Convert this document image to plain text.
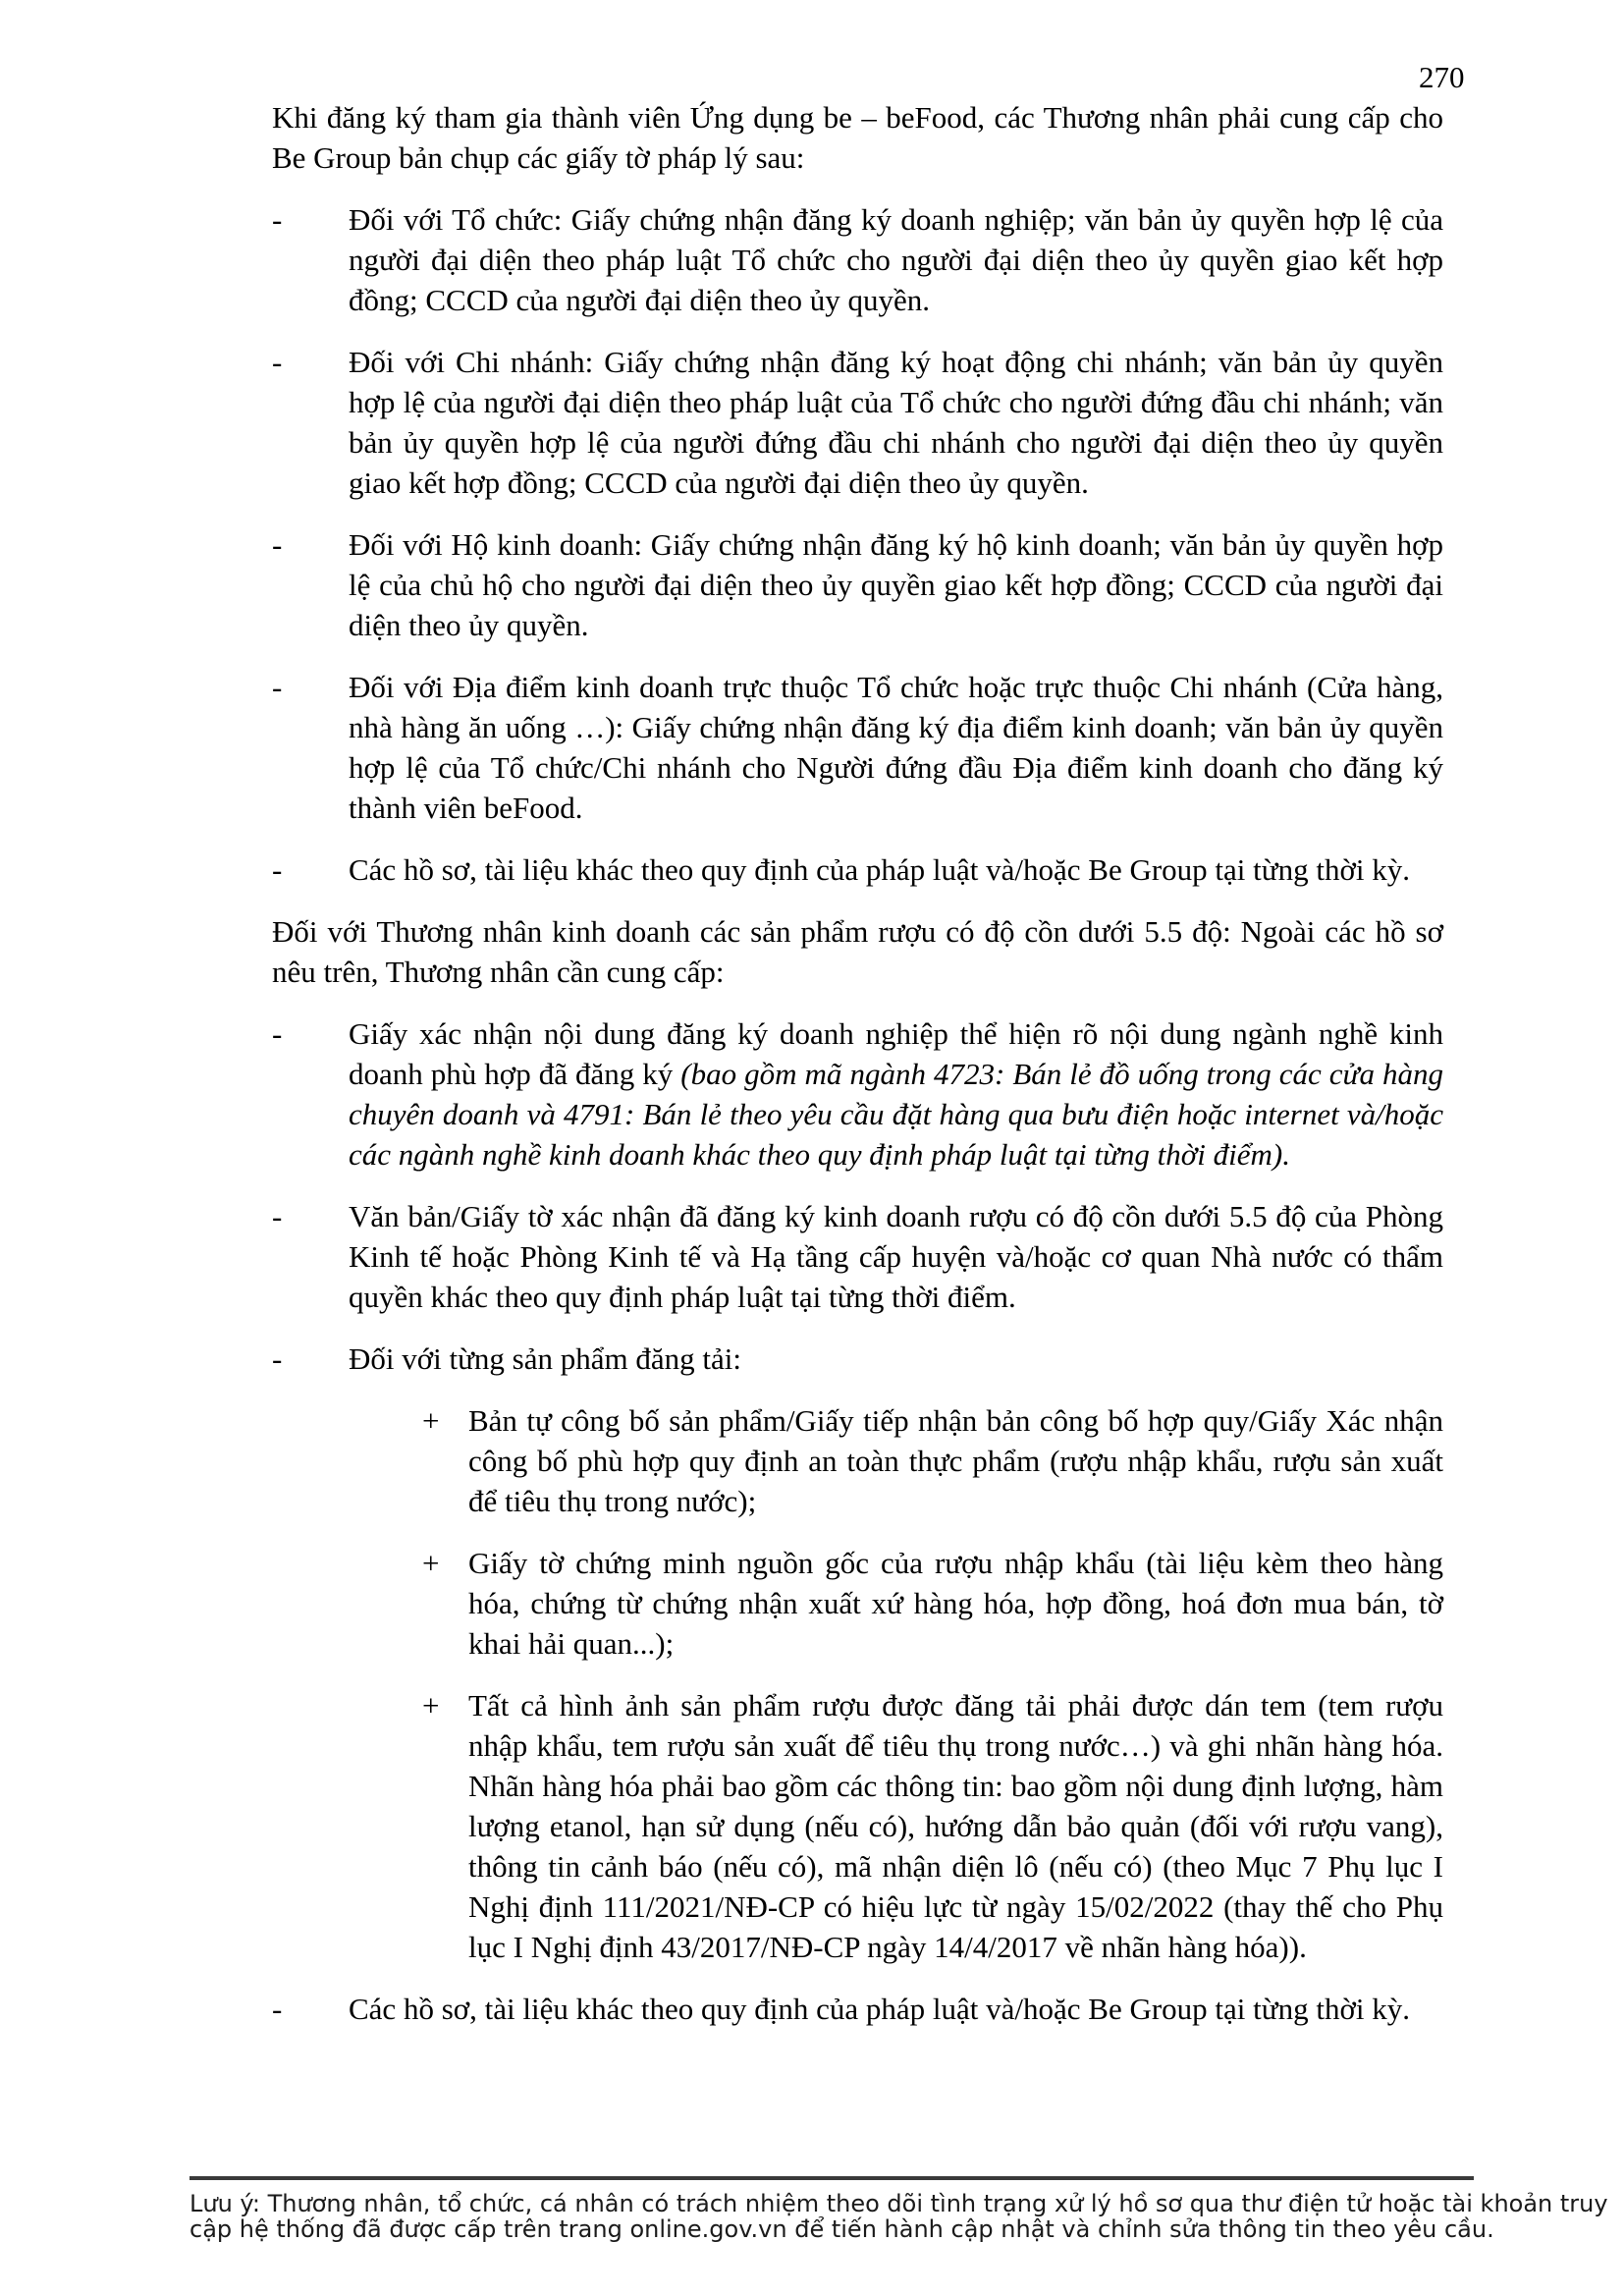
270

Khi đăng ký tham gia thành viên Ứng dụng be – beFood, các Thương nhân phải cung cấp cho Be Group bản chụp các giấy tờ pháp lý sau:

-	Đối với Tổ chức: Giấy chứng nhận đăng ký doanh nghiệp; văn bản ủy quyền hợp lệ của người đại diện theo pháp luật Tổ chức cho người đại diện theo ủy quyền giao kết hợp đồng; CCCD của người đại diện theo ủy quyền.
-	Đối với Chi nhánh: Giấy chứng nhận đăng ký hoạt động chi nhánh; văn bản ủy quyền hợp lệ của người đại diện theo pháp luật của Tổ chức cho người đứng đầu chi nhánh; văn bản ủy quyền hợp lệ của người đứng đầu chi nhánh cho người đại diện theo ủy quyền giao kết hợp đồng; CCCD của người đại diện theo ủy quyền.
-	Đối với Hộ kinh doanh: Giấy chứng nhận đăng ký hộ kinh doanh; văn bản ủy quyền hợp lệ của chủ hộ cho người đại diện theo ủy quyền giao kết hợp đồng; CCCD của người đại diện theo ủy quyền.
-	Đối với Địa điểm kinh doanh trực thuộc Tổ chức hoặc trực thuộc Chi nhánh (Cửa hàng, nhà hàng ăn uống …): Giấy chứng nhận đăng ký địa điểm kinh doanh; văn bản ủy quyền hợp lệ của Tổ chức/Chi nhánh cho Người đứng đầu Địa điểm kinh doanh cho đăng ký thành viên beFood.
-	Các hồ sơ, tài liệu khác theo quy định của pháp luật và/hoặc Be Group tại từng thời kỳ.

Đối với Thương nhân kinh doanh các sản phẩm rượu có độ cồn dưới 5.5 độ: Ngoài các hồ sơ nêu trên, Thương nhân cần cung cấp:

-	Giấy xác nhận nội dung đăng ký doanh nghiệp thể hiện rõ nội dung ngành nghề kinh doanh phù hợp đã đăng ký (bao gồm mã ngành 4723: Bán lẻ đồ uống trong các cửa hàng chuyên doanh và 4791: Bán lẻ theo yêu cầu đặt hàng qua bưu điện hoặc internet và/hoặc các ngành nghề kinh doanh khác theo quy định pháp luật tại từng thời điểm).
-	Văn bản/Giấy tờ xác nhận đã đăng ký kinh doanh rượu có độ cồn dưới 5.5 độ của Phòng Kinh tế hoặc Phòng Kinh tế và Hạ tầng cấp huyện và/hoặc cơ quan Nhà nước có thẩm quyền khác theo quy định pháp luật tại từng thời điểm.
-	Đối với từng sản phẩm đăng tải:
+ Bản tự công bố sản phẩm/Giấy tiếp nhận bản công bố hợp quy/Giấy Xác nhận công bố phù hợp quy định an toàn thực phẩm (rượu nhập khẩu, rượu sản xuất để tiêu thụ trong nước);
+ Giấy tờ chứng minh nguồn gốc của rượu nhập khẩu (tài liệu kèm theo hàng hóa, chứng từ chứng nhận xuất xứ hàng hóa, hợp đồng, hoá đơn mua bán, tờ khai hải quan...);
+ Tất cả hình ảnh sản phẩm rượu được đăng tải phải được dán tem (tem rượu nhập khẩu, tem rượu sản xuất để tiêu thụ trong nước…) và ghi nhãn hàng hóa. Nhãn hàng hóa phải bao gồm các thông tin: bao gồm nội dung định lượng, hàm lượng etanol, hạn sử dụng (nếu có), hướng dẫn bảo quản (đối với rượu vang), thông tin cảnh báo (nếu có), mã nhận diện lô (nếu có) (theo Mục 7 Phụ lục I Nghị định 111/2021/NĐ-CP có hiệu lực từ ngày 15/02/2022 (thay thế cho Phụ lục I Nghị định 43/2017/NĐ-CP ngày 14/4/2017 về nhãn hàng hóa)).
-	Các hồ sơ, tài liệu khác theo quy định của pháp luật và/hoặc Be Group tại từng thời kỳ.
Lưu ý: Thương nhân, tổ chức, cá nhân có trách nhiệm theo dõi tình trạng xử lý hồ sơ qua thư điện tử hoặc tài khoản truy
cập hệ thống đã được cấp trên trang online.gov.vn để tiến hành cập nhật và chỉnh sửa thông tin theo yêu cầu.
